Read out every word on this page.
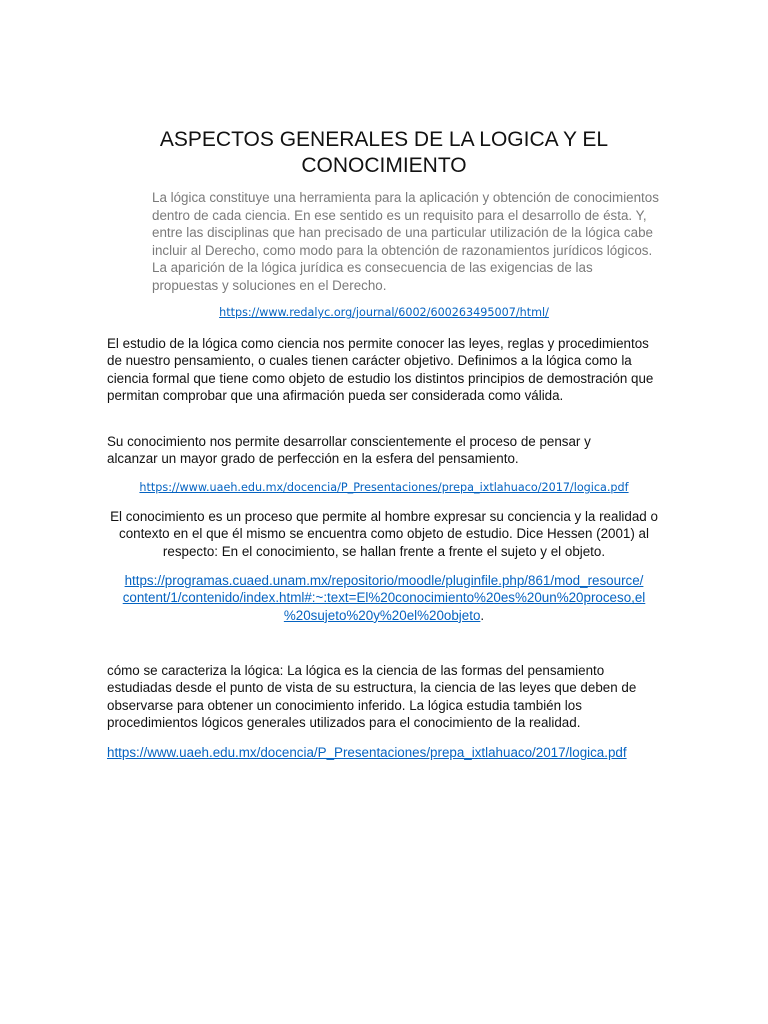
ASPECTOS GENERALES DE LA LOGICA Y EL
CONOCIMIENTO

La lógica constituye una herramienta para la aplicación y obtención de conocimientos dentro de cada ciencia. En ese sentido es un requisito para el desarrollo de ésta. Y, entre las disciplinas que han precisado de una particular utilización de la lógica cabe incluir al Derecho, como modo para la obtención de razonamientos jurídicos lógicos. La aparición de la lógica jurídica es consecuencia de las exigencias de las propuestas y soluciones en el Derecho.

https://www.redalyc.org/journal/6002/600263495007/html/

El estudio de la lógica como ciencia nos permite conocer las leyes, reglas y procedimientos de nuestro pensamiento, o cuales tienen carácter objetivo. Definimos a la lógica como la ciencia formal que tiene como objeto de estudio los distintos principios de demostración que permitan comprobar que una afirmación pueda ser considerada como válida.

Su conocimiento nos permite desarrollar conscientemente el proceso de pensar y alcanzar un mayor grado de perfección en la esfera del pensamiento.

https://www.uaeh.edu.mx/docencia/P_Presentaciones/prepa_ixtlahuaco/2017/logica.pdf

El conocimiento es un proceso que permite al hombre expresar su conciencia y la realidad o contexto en el que él mismo se encuentra como objeto de estudio. Dice Hessen (2001) al respecto: En el conocimiento, se hallan frente a frente el sujeto y el objeto.

https://programas.cuaed.unam.mx/repositorio/moodle/pluginfile.php/861/mod_resource/
content/1/contenido/index.html#:~:text=El%20conocimiento%20es%20un%20proceso,el
%20sujeto%20y%20el%20objeto.

cómo se caracteriza la lógica: La lógica es la ciencia de las formas del pensamiento estudiadas desde el punto de vista de su estructura, la ciencia de las leyes que deben de observarse para obtener un conocimiento inferido. La lógica estudia también los procedimientos lógicos generales utilizados para el conocimiento de la realidad.

https://www.uaeh.edu.mx/docencia/P_Presentaciones/prepa_ixtlahuaco/2017/logica.pdf
